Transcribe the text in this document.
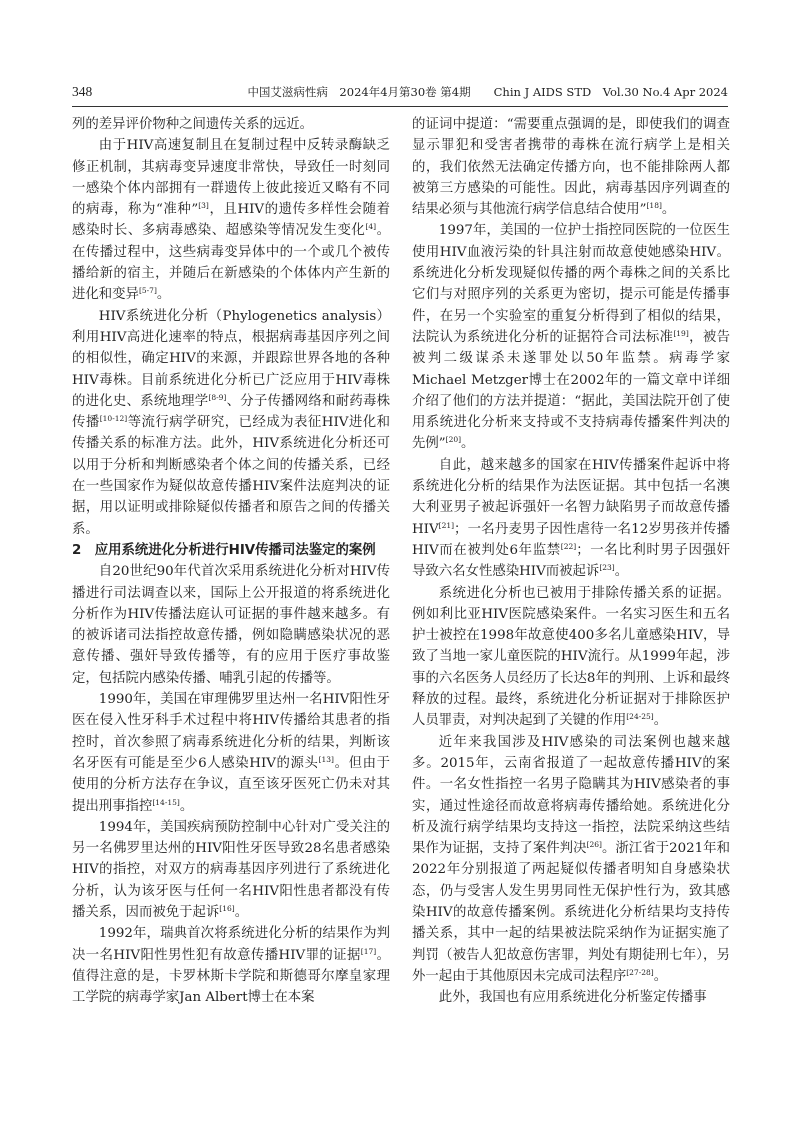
348	中国艾滋病性病　2024年4月第30卷 第4期　　Chin J AIDS STD　Vol.30 No.4 Apr 2024

列的差异评价物种之间遗传关系的远近。

由于HIV高速复制且在复制过程中反转录酶缺乏修正机制，其病毒变异速度非常快，导致任一时刻同一感染个体内部拥有一群遗传上彼此接近又略有不同的病毒，称为“准种”[3]，且HIV的遗传多样性会随着感染时长、多病毒感染、超感染等情况发生变化[4]。在传播过程中，这些病毒变异体中的一个或几个被传播给新的宿主，并随后在新感染的个体体内产生新的进化和变异[5-7]。

HIV系统进化分析（Phylogenetics analysis）利用HIV高进化速率的特点，根据病毒基因序列之间的相似性，确定HIV的来源，并跟踪世界各地的各种HIV毒株。目前系统进化分析已广泛应用于HIV毒株的进化史、系统地理学[8-9]、分子传播网络和耐药毒株传播[10-12]等流行病学研究，已经成为表征HIV进化和传播关系的标准方法。此外，HIV系统进化分析还可以用于分析和判断感染者个体之间的传播关系，已经在一些国家作为疑似故意传播HIV案件法庭判决的证据，用以证明或排除疑似传播者和原告之间的传播关系。

2　应用系统进化分析进行HIV传播司法鉴定的案例

自20世纪90年代首次采用系统进化分析对HIV传播进行司法调查以来，国际上公开报道的将系统进化分析作为HIV传播法庭认可证据的事件越来越多。有的被诉诸司法指控故意传播，例如隐瞒感染状况的恶意传播、强奸导致传播等，有的应用于医疗事故鉴定，包括院内感染传播、哺乳引起的传播等。

1990年，美国在审理佛罗里达州一名HIV阳性牙医在侵入性牙科手术过程中将HIV传播给其患者的指控时，首次参照了病毒系统进化分析的结果，判断该名牙医有可能是至少6人感染HIV的源头[13]。但由于使用的分析方法存在争议，直至该牙医死亡仍未对其提出刑事指控[14-15]。

1994年，美国疾病预防控制中心针对广受关注的另一名佛罗里达州的HIV阳性牙医导致28名患者感染HIV的指控，对双方的病毒基因序列进行了系统进化分析，认为该牙医与任何一名HIV阳性患者都没有传播关系，因而被免于起诉[16]。

1992年，瑞典首次将系统进化分析的结果作为判决一名HIV阳性男性犯有故意传播HIV罪的证据[17]。值得注意的是，卡罗林斯卡学院和斯德哥尔摩皇家理工学院的病毒学家Jan Albert博士在本案

的证词中提道：“需要重点强调的是，即使我们的调查显示罪犯和受害者携带的毒株在流行病学上是相关的，我们依然无法确定传播方向，也不能排除两人都被第三方感染的可能性。因此，病毒基因序列调查的结果必须与其他流行病学信息结合使用”[18]。

1997年，美国的一位护士指控同医院的一位医生使用HIV血液污染的针具注射而故意使她感染HIV。系统进化分析发现疑似传播的两个毒株之间的关系比它们与对照序列的关系更为密切，提示可能是传播事件，在另一个实验室的重复分析得到了相似的结果，法院认为系统进化分析的证据符合司法标准[19]，被告被判二级谋杀未遂罪处以50年监禁。病毒学家Michael Metzger博士在2002年的一篇文章中详细介绍了他们的方法并提道：“据此，美国法院开创了使用系统进化分析来支持或不支持病毒传播案件判决的先例”[20]。

自此，越来越多的国家在HIV传播案件起诉中将系统进化分析的结果作为法医证据。其中包括一名澳大利亚男子被起诉强奸一名智力缺陷男子而故意传播HIV[21]；一名丹麦男子因性虐待一名12岁男孩并传播HIV而在被判处6年监禁[22]；一名比利时男子因强奸导致六名女性感染HIV而被起诉[23]。

系统进化分析也已被用于排除传播关系的证据。例如利比亚HIV医院感染案件。一名实习医生和五名护士被控在1998年故意使400多名儿童感染HIV，导致了当地一家儿童医院的HIV流行。从1999年起，涉事的六名医务人员经历了长达8年的判刑、上诉和最终释放的过程。最终，系统进化分析证据对于排除医护人员罪责，对判决起到了关键的作用[24-25]。

近年来我国涉及HIV感染的司法案例也越来越多。2015年，云南省报道了一起故意传播HIV的案件。一名女性指控一名男子隐瞒其为HIV感染者的事实，通过性途径而故意将病毒传播给她。系统进化分析及流行病学结果均支持这一指控，法院采纳这些结果作为证据，支持了案件判决[26]。浙江省于2021年和2022年分别报道了两起疑似传播者明知自身感染状态，仍与受害人发生男男同性无保护性行为，致其感染HIV的故意传播案例。系统进化分析结果均支持传播关系，其中一起的结果被法院采纳作为证据实施了判罚（被告人犯故意伤害罪，判处有期徒刑七年），另外一起由于其他原因未完成司法程序[27-28]。

此外，我国也有应用系统进化分析鉴定传播事
